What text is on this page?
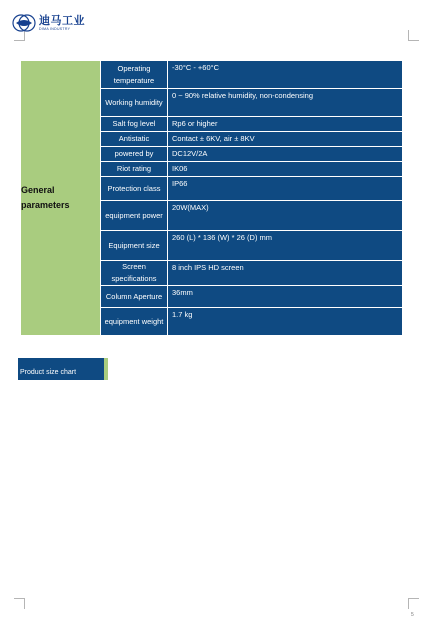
迪马工业
DIMA INDUSTRY
General parameters	Operating temperature	-30°C - +60°C
	Working humidity	0 ~ 90% relative humidity, non-condensing
	Salt fog level	Rp6 or higher
	Antistatic	Contact ± 6KV, air ± 8KV
	powered by	DC12V/2A
	Riot rating	IK06
	Protection class	IP66
	equipment power	20W(MAX)
	Equipment size	260 (L) * 136 (W) * 26 (D) mm
	Screen specifications	8 inch IPS HD screen
	Column Aperture	36mm
	equipment weight	1.7 kg
Product size chart
5
